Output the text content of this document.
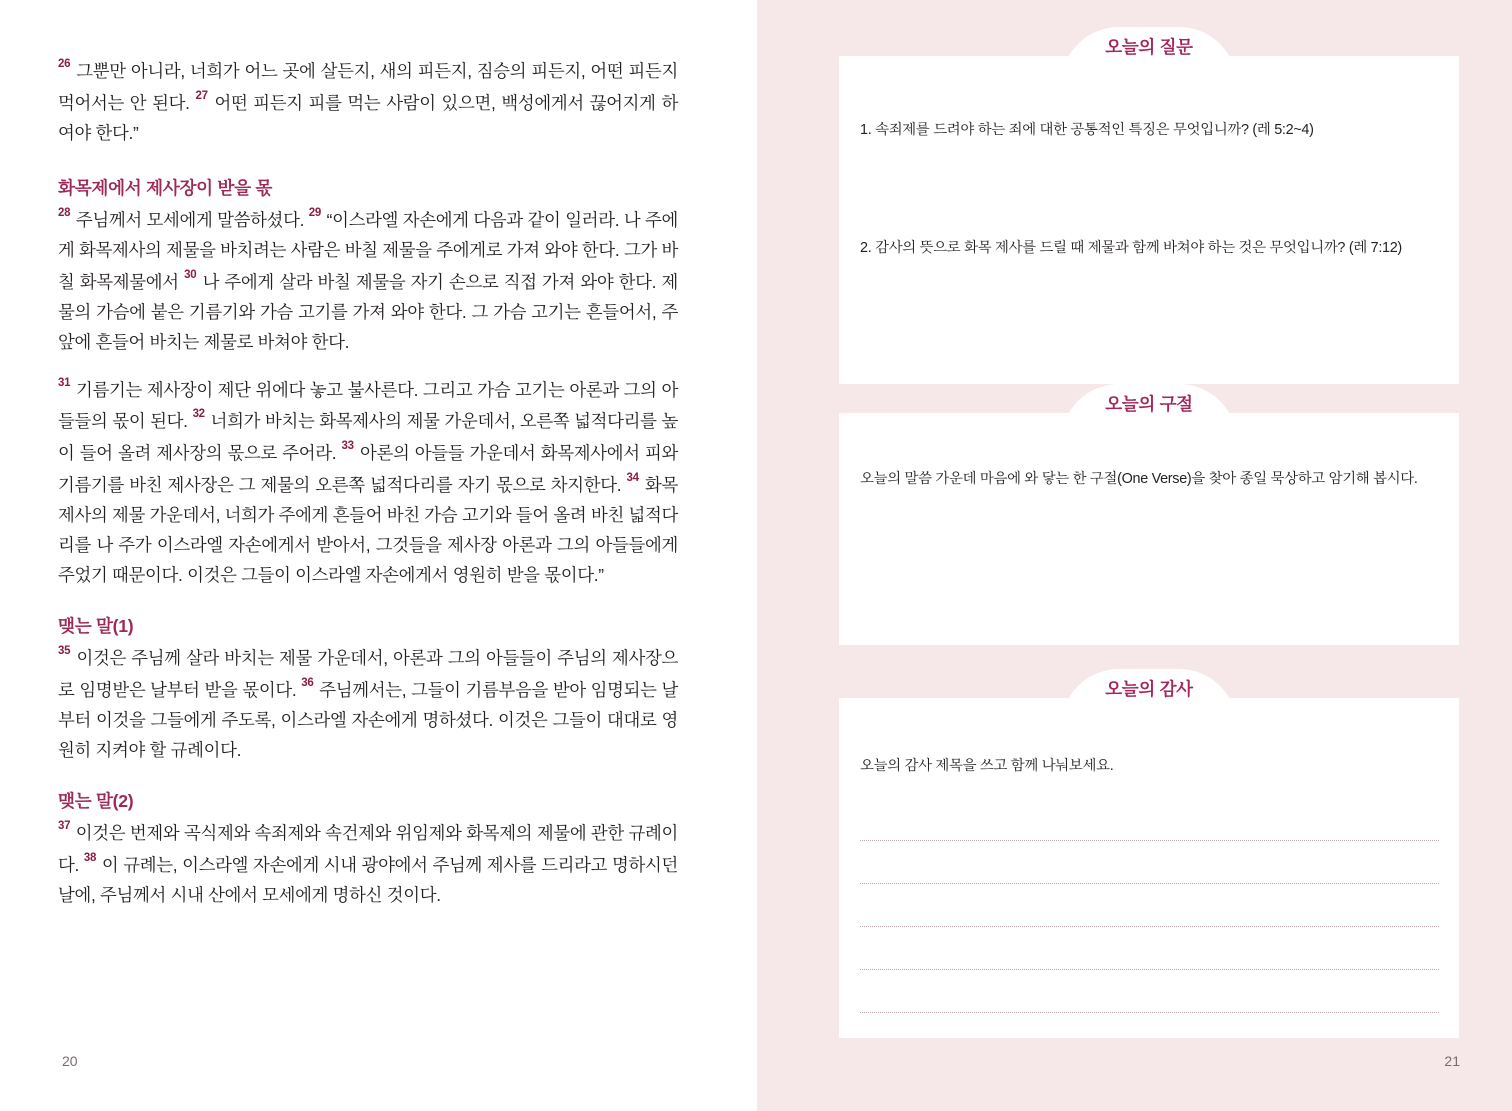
$^{26}$ 그뿐만 아니라, 너희가 어느 곳에 살든지, 새의 피든지, 짐승의 피든지, 어떤 피든지 먹어서는 안 된다. $^{27}$ 어떤 피든지 피를 먹는 사람이 있으면, 백성에게서 끊어지게 하여야 한다.”
화목제에서 제사장이 받을 몫
$^{28}$ 주님께서 모세에게 말씀하셨다. $^{29}$ “이스라엘 자손에게 다음과 같이 일러라. 나 주에게 화목제사의 제물을 바치려는 사람은 바칠 제물을 주에게로 가져 와야 한다. 그가 바칠 화목제물에서 $^{30}$ 나 주에게 살라 바칠 제물을 자기 손으로 직접 가져 와야 한다. 제물의 가슴에 붙은 기름기와 가슴 고기를 가져 와야 한다. 그 가슴 고기는 흔들어서, 주 앞에 흔들어 바치는 제물로 바쳐야 한다.
$^{31}$ 기름기는 제사장이 제단 위에다 놓고 불사른다. 그리고 가슴 고기는 아론과 그의 아들들의 몫이 된다. $^{32}$ 너희가 바치는 화목제사의 제물 가운데서, 오른쪽 넓적다리를 높이 들어 올려 제사장의 몫으로 주어라. $^{33}$ 아론의 아들들 가운데서 화목제사에서 피와 기름기를 바친 제사장은 그 제물의 오른쪽 넓적다리를 자기 몫으로 차지한다. $^{34}$ 화목제사의 제물 가운데서, 너희가 주에게 흔들어 바친 가슴 고기와 들어 올려 바친 넓적다리를 나 주가 이스라엘 자손에게서 받아서, 그것들을 제사장 아론과 그의 아들들에게 주었기 때문이다. 이것은 그들이 이스라엘 자손에게서 영원히 받을 몫이다.”
맺는 말(1)
$^{35}$ 이것은 주님께 살라 바치는 제물 가운데서, 아론과 그의 아들들이 주님의 제사장으로 임명받은 날부터 받을 몫이다. $^{36}$ 주님께서는, 그들이 기름부음을 받아 임명되는 날부터 이것을 그들에게 주도록, 이스라엘 자손에게 명하셨다. 이것은 그들이 대대로 영원히 지켜야 할 규례이다.
맺는 말(2)
$^{37}$ 이것은 번제와 곡식제와 속죄제와 속건제와 위임제와 화목제의 제물에 관한 규례이다. $^{38}$ 이 규례는, 이스라엘 자손에게 시내 광야에서 주님께 제사를 드리라고 명하시던 날에, 주님께서 시내 산에서 모세에게 명하신 것이다.
20
오늘의 질문
1. 속죄제를 드려야 하는 죄에 대한 공통적인 특징은 무엇입니까? (레 5:2~4)
2. 감사의 뜻으로 화목 제사를 드릴 때 제물과 함께 바쳐야 하는 것은 무엇입니까? (레 7:12)
오늘의 구절
오늘의 말씀 가운데 마음에 와 닿는 한 구절(One Verse)을 찾아 종일 묵상하고 암기해 봅시다.
오늘의 감사
오늘의 감사 제목을 쓰고 함께 나눠보세요.
21
